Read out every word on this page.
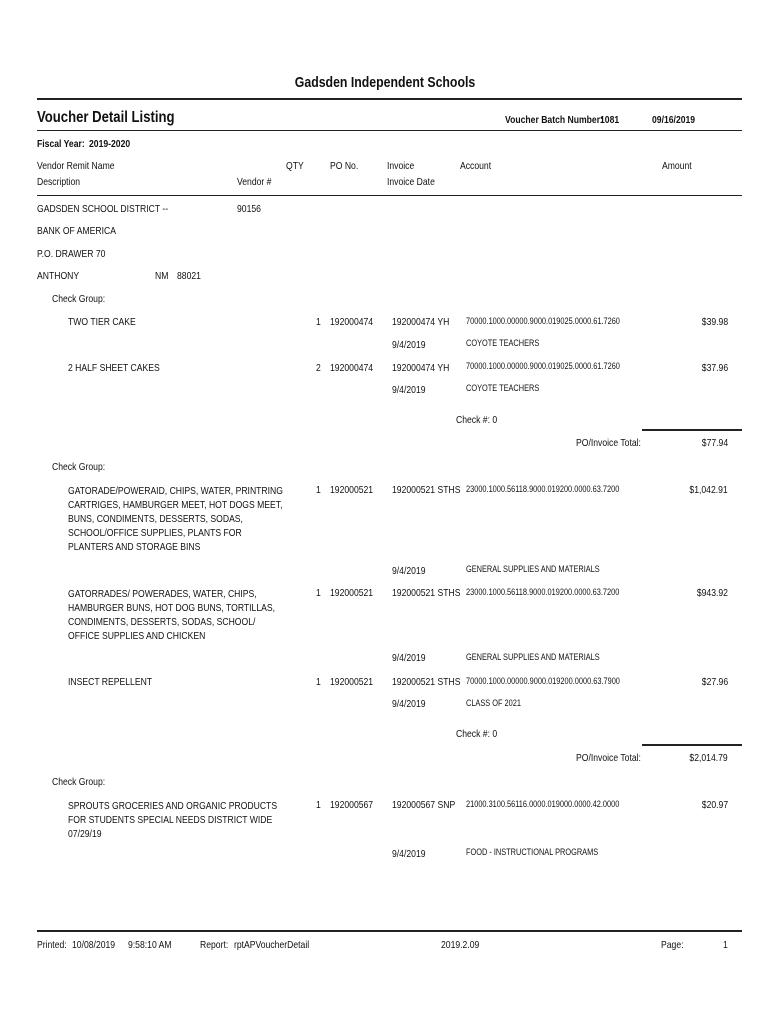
Gadsden Independent Schools
Voucher Detail Listing	Voucher Batch Number:
1081	09/16/2019
Fiscal Year: 2019-2020
Vendor Remit Name
Description	Vendor #
QTY	PO No.	Invoice
Invoice Date
Account	Amount
GADSDEN SCHOOL DISTRICT --	90156
BANK OF AMERICA
P.O. DRAWER 70
ANTHONY	NM 88021
Check Group:
TWO TIER CAKE	1 192000474 192000474 YH 70000.1000.00000.9000.019025.0000.61.7260	$39.98
9/4/2019	COYOTE TEACHERS
2 HALF SHEET CAKES	2 192000474 192000474 YH 70000.1000.00000.9000.019025.0000.61.7260	$37.96
9/4/2019	COYOTE TEACHERS
Check #: 0
PO/Invoice Total:	$77.94
Check Group:
GATORADE/POWERAID, CHIPS, WATER, PRINTRING CARTRIGES, HAMBURGER MEET, HOT DOGS MEET, BUNS, CONDIMENTS, DESSERTS, SODAS, SCHOOL/OFFICE SUPPLIES, PLANTS FOR PLANTERS AND STORAGE BINS
1 192000521 192000521 STHS 23000.1000.56118.9000.019200.0000.63.7200	$1,042.91
9/4/2019	GENERAL SUPPLIES AND MATERIALS
GATORRADES/ POWERADES, WATER, CHIPS, HAMBURGER BUNS, HOT DOG BUNS, TORTILLAS, CONDIMENTS, DESSERTS, SODAS, SCHOOL/ OFFICE SUPPLIES AND CHICKEN
1 192000521 192000521 STHS 23000.1000.56118.9000.019200.0000.63.7200	$943.92
9/4/2019	GENERAL SUPPLIES AND MATERIALS
INSECT REPELLENT	1 192000521 192000521 STHS 70000.1000.00000.9000.019200.0000.63.7900	$27.96
9/4/2019	CLASS OF 2021
Check #: 0
PO/Invoice Total:	$2,014.79
Check Group:
SPROUTS GROCERIES AND ORGANIC PRODUCTS FOR STUDENTS SPECIAL NEEDS DISTRICT WIDE 07/29/19
1 192000567 192000567 SNP 21000.3100.56116.0000.019000.0000.42.0000	$20.97
9/4/2019	FOOD - INSTRUCTIONAL PROGRAMS
Printed: 10/08/2019 9:58:10 AM	Report: rptAPVoucherDetail	2019.2.09	Page:	1
